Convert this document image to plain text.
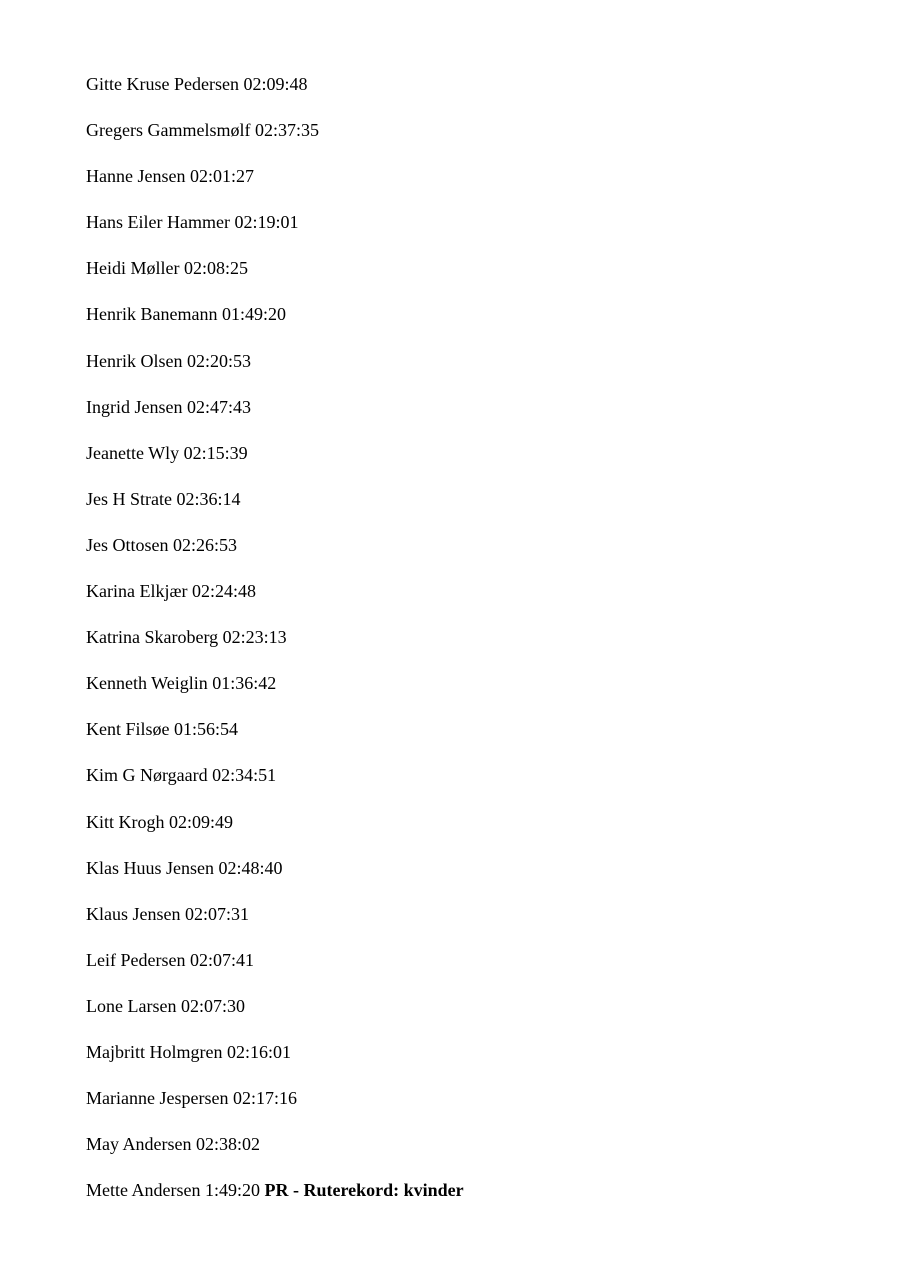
Gitte Kruse Pedersen 02:09:48
Gregers Gammelsmølf 02:37:35
Hanne Jensen 02:01:27
Hans Eiler Hammer 02:19:01
Heidi Møller 02:08:25
Henrik Banemann 01:49:20
Henrik Olsen 02:20:53
Ingrid Jensen 02:47:43
Jeanette Wly 02:15:39
Jes H Strate 02:36:14
Jes Ottosen 02:26:53
Karina Elkjær 02:24:48
Katrina Skaroberg 02:23:13
Kenneth Weiglin 01:36:42
Kent Filsøe 01:56:54
Kim G Nørgaard 02:34:51
Kitt Krogh 02:09:49
Klas Huus Jensen 02:48:40
Klaus Jensen 02:07:31
Leif Pedersen 02:07:41
Lone Larsen 02:07:30
Majbritt Holmgren 02:16:01
Marianne Jespersen 02:17:16
May Andersen 02:38:02
Mette Andersen 1:49:20 PR - Ruterekord: kvinder
